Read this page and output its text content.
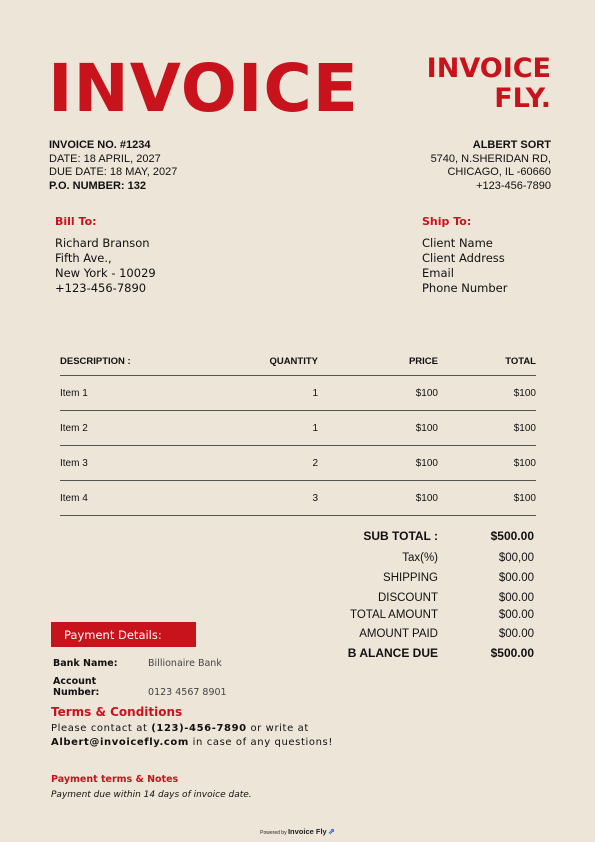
INVOICE	INVOICE
FLY.
INVOICE NO. #1234
DATE: 18 APRIL, 2027
DUE DATE: 18 MAY, 2027
P.O. NUMBER: 132
ALBERT SORT
5740, N.SHERIDAN RD,
CHICAGO, IL -60660
+123-456-7890
Bill To:
Richard Branson
Fifth Ave.,
New York - 10029
+123-456-7890
Ship To:
Client Name
Client Address
Email
Phone Number
DESCRIPTION :	QUANTITY	PRICE	TOTAL
Item 1	1	$100	$100
Item 2	1	$100	$100
Item 3	2	$100	$100
Item 4	3	$100	$100
SUB TOTAL :	$500.00
Tax(%)	$00,00
SHIPPING	$00.00
DISCOUNT	$00.00
TOTAL AMOUNT	$00.00
AMOUNT PAID	$00.00
B ALANCE DUE	$500.00
Payment Details:
Bank Name:	Billionaire Bank
Account Number:	0123 4567 8901
Terms & Conditions
Please contact at (123)-456-7890 or write at
Albert@invoicefly.com in case of any questions!
Payment terms & Notes
Payment due within 14 days of invoice date.
Powered by Invoice Fly ⇗
